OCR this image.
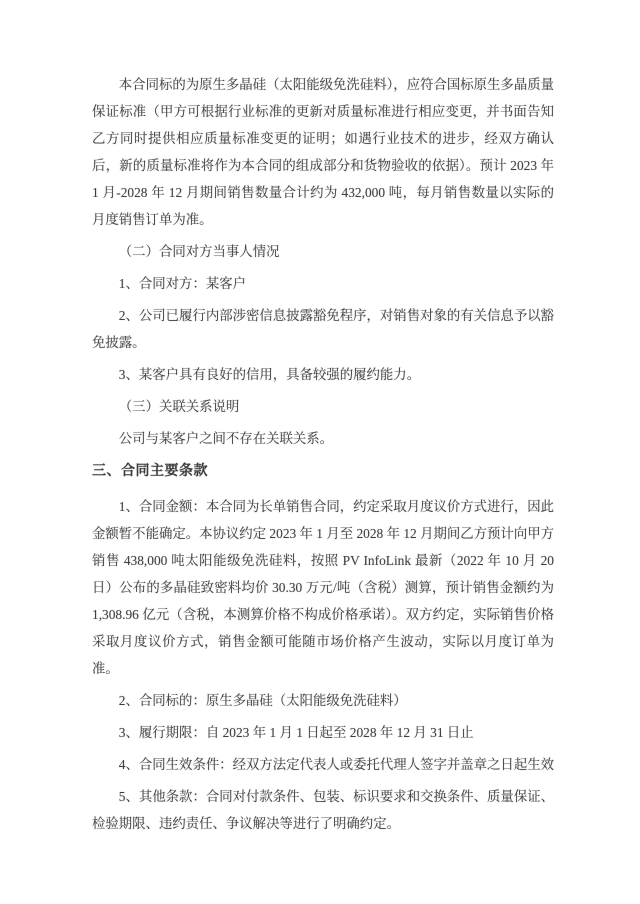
本合同标的为原生多晶硅（太阳能级免洗硅料），应符合国标原生多晶质量保证标准（甲方可根据行业标准的更新对质量标准进行相应变更，并书面告知乙方同时提供相应质量标准变更的证明；如遇行业技术的进步，经双方确认后，新的质量标准将作为本合同的组成部分和货物验收的依据）。预计 2023 年 1 月-2028 年 12 月期间销售数量合计约为 432,000 吨，每月销售数量以实际的月度销售订单为准。

（二）合同对方当事人情况

1、合同对方：某客户

2、公司已履行内部涉密信息披露豁免程序，对销售对象的有关信息予以豁免披露。

3、某客户具有良好的信用，具备较强的履约能力。

（三）关联关系说明

公司与某客户之间不存在关联关系。

三、合同主要条款

1、合同金额：本合同为长单销售合同，约定采取月度议价方式进行，因此金额暂不能确定。本协议约定 2023 年 1 月至 2028 年 12 月期间乙方预计向甲方销售 438,000 吨太阳能级免洗硅料，按照 PV InfoLink 最新（2022 年 10 月 20 日）公布的多晶硅致密料均价 30.30 万元/吨（含税）测算，预计销售金额约为 1,308.96 亿元（含税，本测算价格不构成价格承诺）。双方约定，实际销售价格采取月度议价方式，销售金额可能随市场价格产生波动，实际以月度订单为准。

2、合同标的：原生多晶硅（太阳能级免洗硅料）

3、履行期限：自 2023 年 1 月 1 日起至 2028 年 12 月 31 日止

4、合同生效条件：经双方法定代表人或委托代理人签字并盖章之日起生效

5、其他条款：合同对付款条件、包装、标识要求和交换条件、质量保证、检验期限、违约责任、争议解决等进行了明确约定。
